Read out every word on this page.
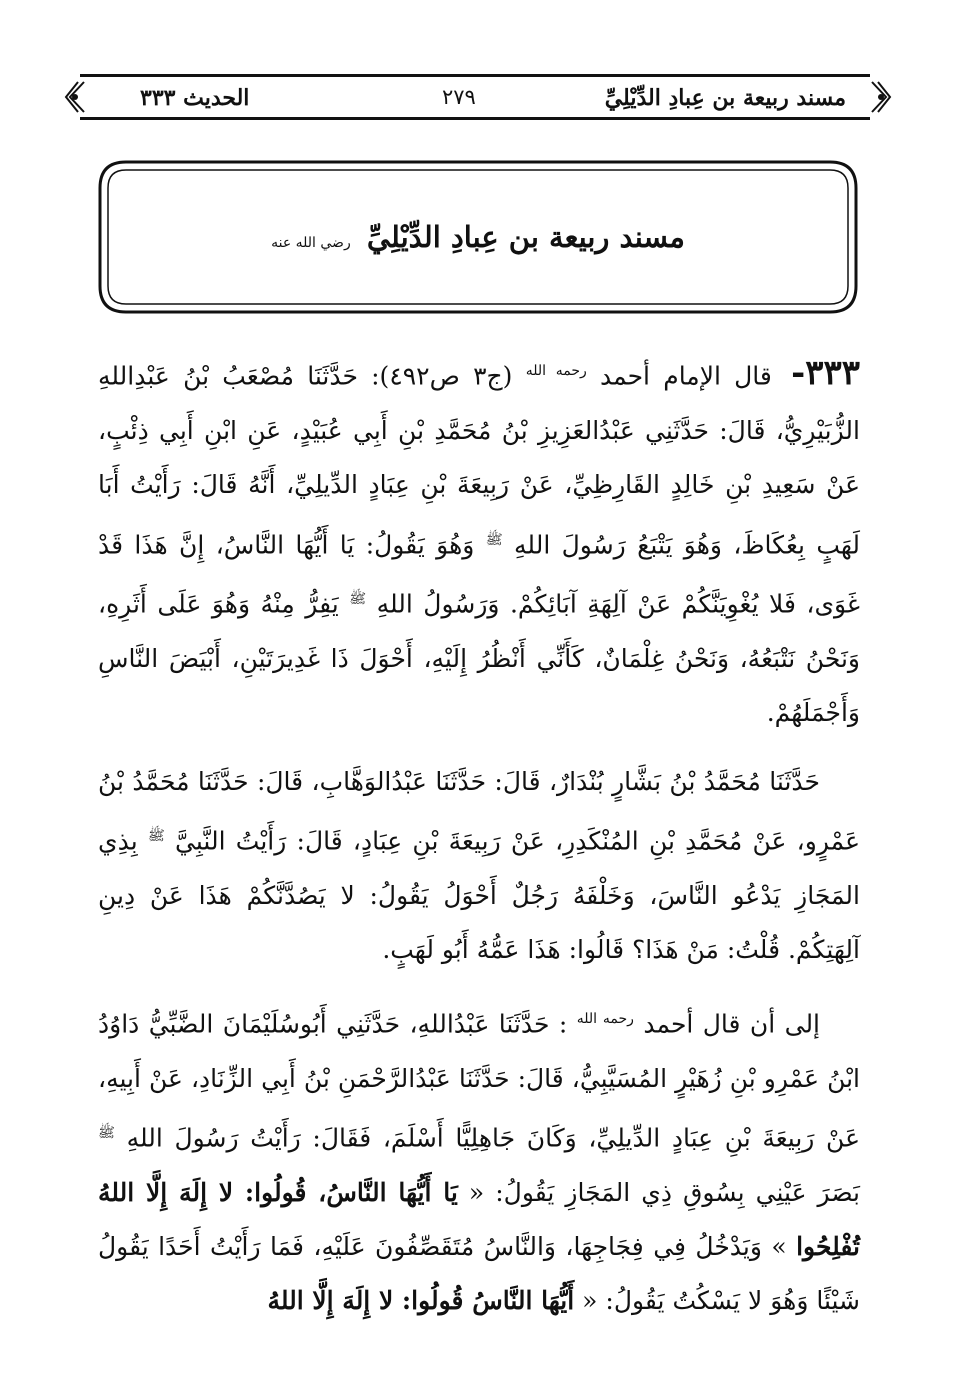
مسند ربيعة بن عِبادِ الدِّيْلِيِّ
٢٧٩
الحديث ٣٣٣
مسند ربيعة بن عِبادِ الدِّيْلِيِّ رضي الله عنه

٣٣٣- قال الإمام أحمد $^{رحمه الله}$ (ج٣ ص٤٩٢): حَدَّثَنَا مُصْعَبُ بْنُ عَبْدِاللهِ الزُّبَيْرِيُّ، قَالَ: حَدَّثَنِي عَبْدُالعَزِيزِ بْنُ مُحَمَّدِ بْنِ أَبِي عُبَيْدٍ، عَنِ ابْنِ أَبِي ذِئْبٍ، عَنْ سَعِيدِ بْنِ خَالِدٍ القَارِظِيِّ، عَنْ رَبِيعَةَ بْنِ عِبَادٍ الدِّيلِيِّ، أَنَّهُ قَالَ: رَأَيْتُ أَبَا لَهَبٍ بِعُكَاظَ، وَهُوَ يَتْبَعُ رَسُولَ اللهِ $^ﷺ$ وَهُوَ يَقُولُ: يَا أَيُّهَا النَّاسُ، إِنَّ هَذَا قَدْ غَوَى، فَلا يُغْوِيَنَّكُمْ عَنْ آلِهَةِ آبَائِكُمْ. وَرَسُولُ اللهِ $^ﷺ$ يَفِرُّ مِنْهُ وَهُوَ عَلَى أَثَرِهِ، وَنَحْنُ نَتْبَعُهُ، وَنَحْنُ غِلْمَانٌ، كَأَنِّي أَنْظُرُ إِلَيْهِ، أَحْوَلَ ذَا غَدِيرَتَيْنِ، أَبْيَضَ النَّاسِ وَأَجْمَلَهُمْ.

حَدَّثَنَا مُحَمَّدُ بْنُ بَشَّارٍ بُنْدَارٌ، قَالَ: حَدَّثَنَا عَبْدُالوَهَّابِ، قَالَ: حَدَّثَنَا مُحَمَّدُ بْنُ عَمْرٍو، عَنْ مُحَمَّدِ بْنِ المُنْكَدِرِ، عَنْ رَبِيعَةَ بْنِ عِبَادٍ، قَالَ: رَأَيْتُ النَّبِيَّ $^ﷺ$ بِذِي المَجَازِ يَدْعُو النَّاسَ، وَخَلْفَهُ رَجُلٌ أَحْوَلُ يَقُولُ: لا يَصُدَّنَّكُمْ هَذَا عَنْ دِينِ آلِهَتِكُمْ. قُلْتُ: مَنْ هَذَا؟ قَالُوا: هَذَا عَمُّهُ أَبُو لَهَبٍ.

إلى أن قال أحمد $^{رحمه الله}$ : حَدَّثَنَا عَبْدُاللهِ، حَدَّثَنِي أَبُوسُلَيْمَانَ الضَّبِّيُّ دَاوُدُ ابْنُ عَمْرِو بْنِ زُهَيْرٍ المُسَيَّبِيُّ، قَالَ: حَدَّثَنَا عَبْدُالرَّحْمَنِ بْنُ أَبِي الزِّنَادِ، عَنْ أَبِيهِ، عَنْ رَبِيعَةَ بْنِ عِبَادٍ الدِّيلِيِّ، وَكَانَ جَاهِلِيًّا أَسْلَمَ، فَقَالَ: رَأَيْتُ رَسُولَ اللهِ $^ﷺ$ بَصَرَ عَيْنِي بِسُوقِ ذِي المَجَازِ يَقُولُ: « يَا أَيُّهَا النَّاسُ، قُولُوا: لا إِلَهَ إِلَّا اللهُ تُفْلِحُوا » وَيَدْخُلُ فِي فِجَاجِهَا، وَالنَّاسُ مُتَقَصِّفُونَ عَلَيْهِ، فَمَا رَأَيْتُ أَحَدًا يَقُولُ شَيْئًا وَهُوَ لا يَسْكُتُ يَقُولُ: « أَيُّهَا النَّاسُ قُولُوا: لا إِلَهَ إِلَّا اللهُ
